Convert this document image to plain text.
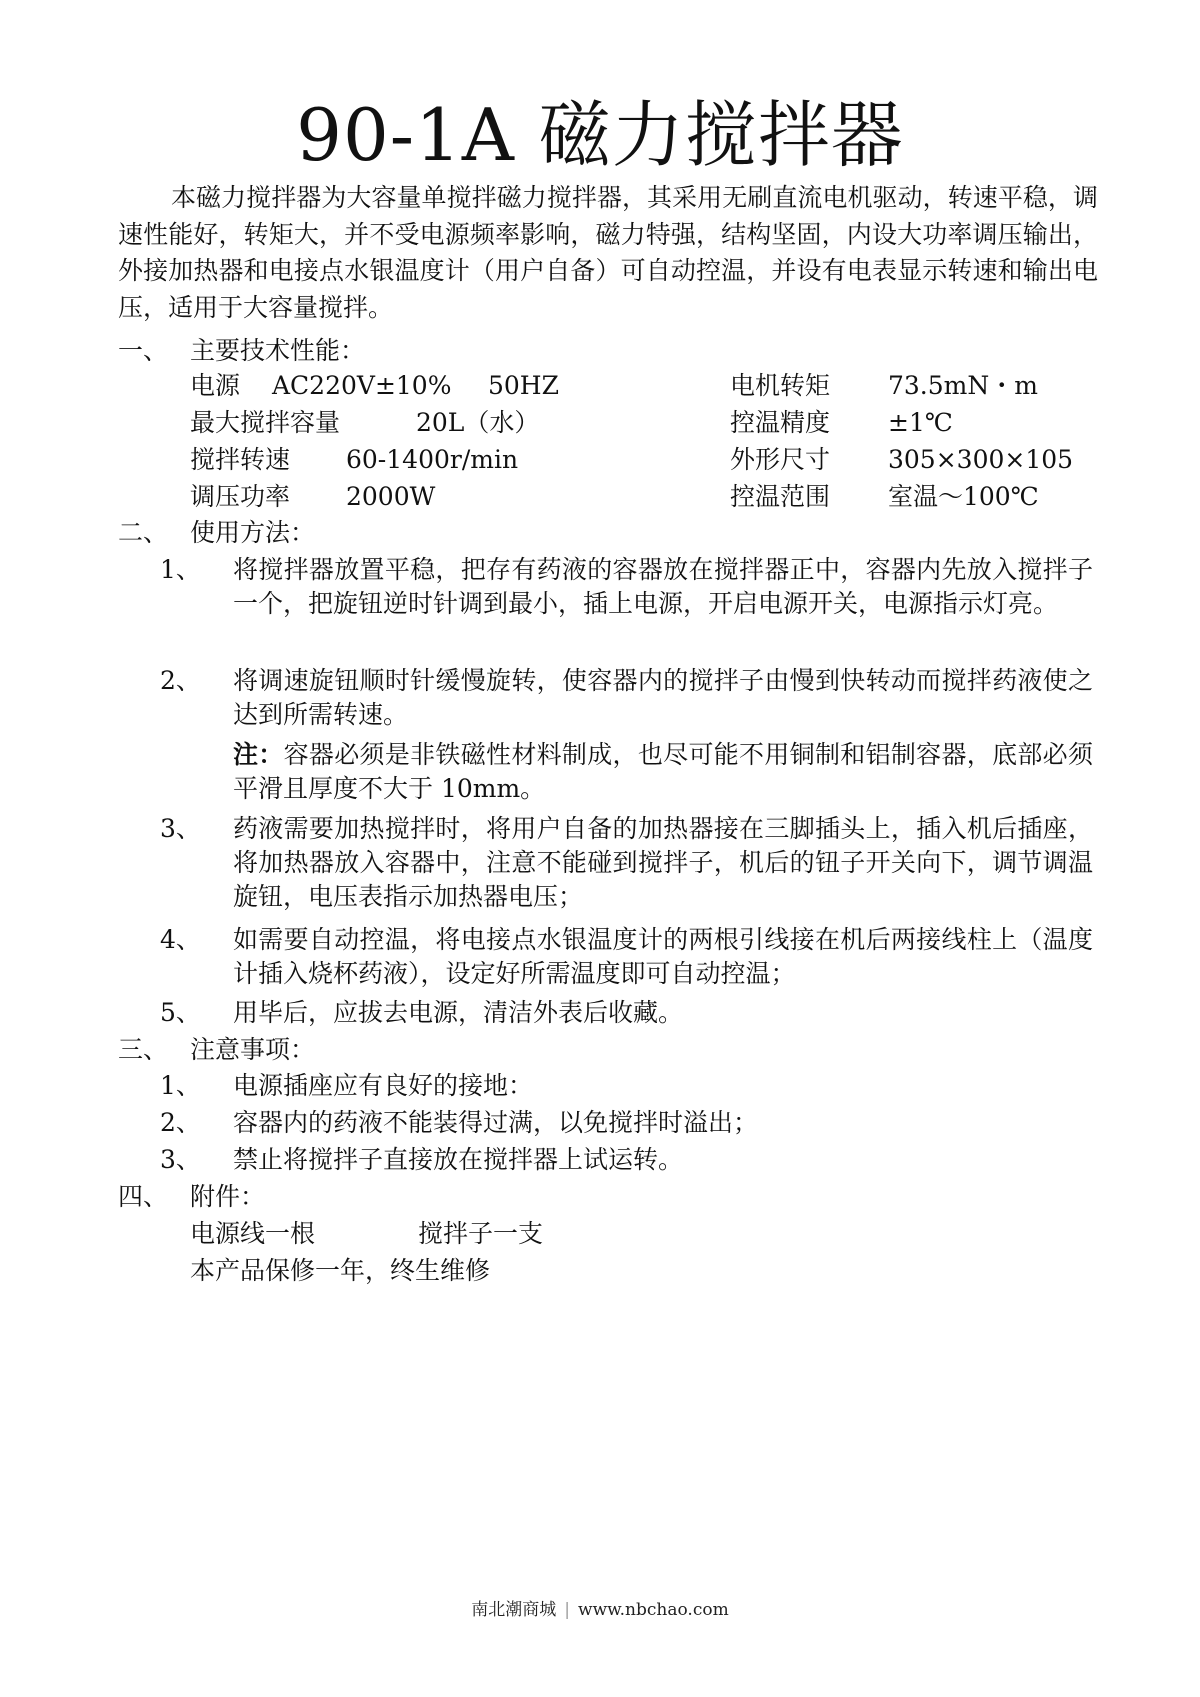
90-1A 磁力搅拌器

本磁力搅拌器为大容量单搅拌磁力搅拌器，其采用无刷直流电机驱动，转速平稳，调速性能好，转矩大，并不受电源频率影响，磁力特强，结构坚固，内设大功率调压输出，外接加热器和电接点水银温度计（用户自备）可自动控温，并设有电表显示转速和输出电压，适用于大容量搅拌。

一、 主要技术性能：
电源 AC220V±10% 50HZ
最大搅拌容量	20L（水）
搅拌转速 60-1400r/min
调压功率 2000W
电机转矩 73.5mN・m
控温精度 ±1℃
外形尺寸 305×300×105
控温范围 室温～100℃
二、 使用方法：
1、 将搅拌器放置平稳，把存有药液的容器放在搅拌器正中，容器内先放入搅拌子一个，把旋钮逆时针调到最小，插上电源，开启电源开关，电源指示灯亮。

2、 将调速旋钮顺时针缓慢旋转，使容器内的搅拌子由慢到快转动而搅拌药液使之达到所需转速。

注：容器必须是非铁磁性材料制成，也尽可能不用铜制和铝制容器，底部必须平滑且厚度不大于 10mm。

3、 药液需要加热搅拌时，将用户自备的加热器接在三脚插头上，插入机后插座，将加热器放入容器中，注意不能碰到搅拌子，机后的钮子开关向下，调节调温旋钮，电压表指示加热器电压；

4、 如需要自动控温，将电接点水银温度计的两根引线接在机后两接线柱上（温度计插入烧杯药液），设定好所需温度即可自动控温；

5、 用毕后，应拔去电源，清洁外表后收藏。

三、 注意事项：
1、 电源插座应有良好的接地：
2、 容器内的药液不能装得过满，以免搅拌时溢出；
3、 禁止将搅拌子直接放在搅拌器上试运转。
四、 附件：
电源线一根	搅拌子一支
本产品保修一年，终生维修
南北潮商城 | www.nbchao.com
